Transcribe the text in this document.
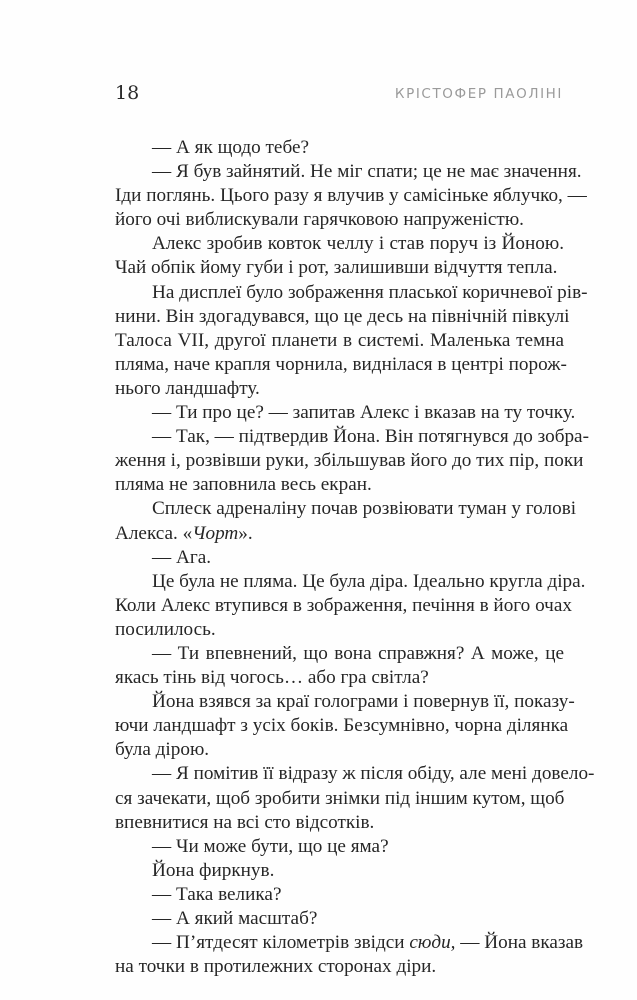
18	КРІСТОФЕР ПАОЛІНІ
— А як щодо тебе?
— Я був зайнятий. Не міг спати; це не має значення.
Іди поглянь. Цього разу я влучив у самісіньке яблучко, —
його очі виблискували гарячковою напруженістю.
Алекс зробив ковток челлу і став поруч із Йоною.
Чай обпік йому губи і рот, залишивши відчуття тепла.
На дисплеї було зображення пласької коричневої рів-
нини. Він здогадувався, що це десь на північній півкулі
Талоса VII, другої планети в системі. Маленька темна
пляма, наче крапля чорнила, виднілася в центрі порож-
нього ландшафту.
— Ти про це? — запитав Алекс і вказав на ту точку.
— Так, — підтвердив Йона. Він потягнувся до зобра-
ження і, розвівши руки, збільшував його до тих пір, поки
пляма не заповнила весь екран.
Сплеск адреналіну почав розвіювати туман у голові
Алекса. «Чорт».
— Ага.
Це була не пляма. Це була діра. Ідеально кругла діра.
Коли Алекс втупився в зображення, печіння в його очах
посилилось.
— Ти впевнений, що вона справжня? А може, це
якась тінь від чогось… або гра світла?
Йона взявся за краї голограми і повернув її, показу-
ючи ландшафт з усіх боків. Безсумнівно, чорна ділянка
була дірою.
— Я помітив її відразу ж після обіду, але мені довело-
ся зачекати, щоб зробити знімки під іншим кутом, щоб
впевнитися на всі сто відсотків.
— Чи може бути, що це яма?
Йона фиркнув.
— Така велика?
— А який масштаб?
— П’ятдесят кілометрів звідси сюди, — Йона вказав
на точки в протилежних сторонах діри.
